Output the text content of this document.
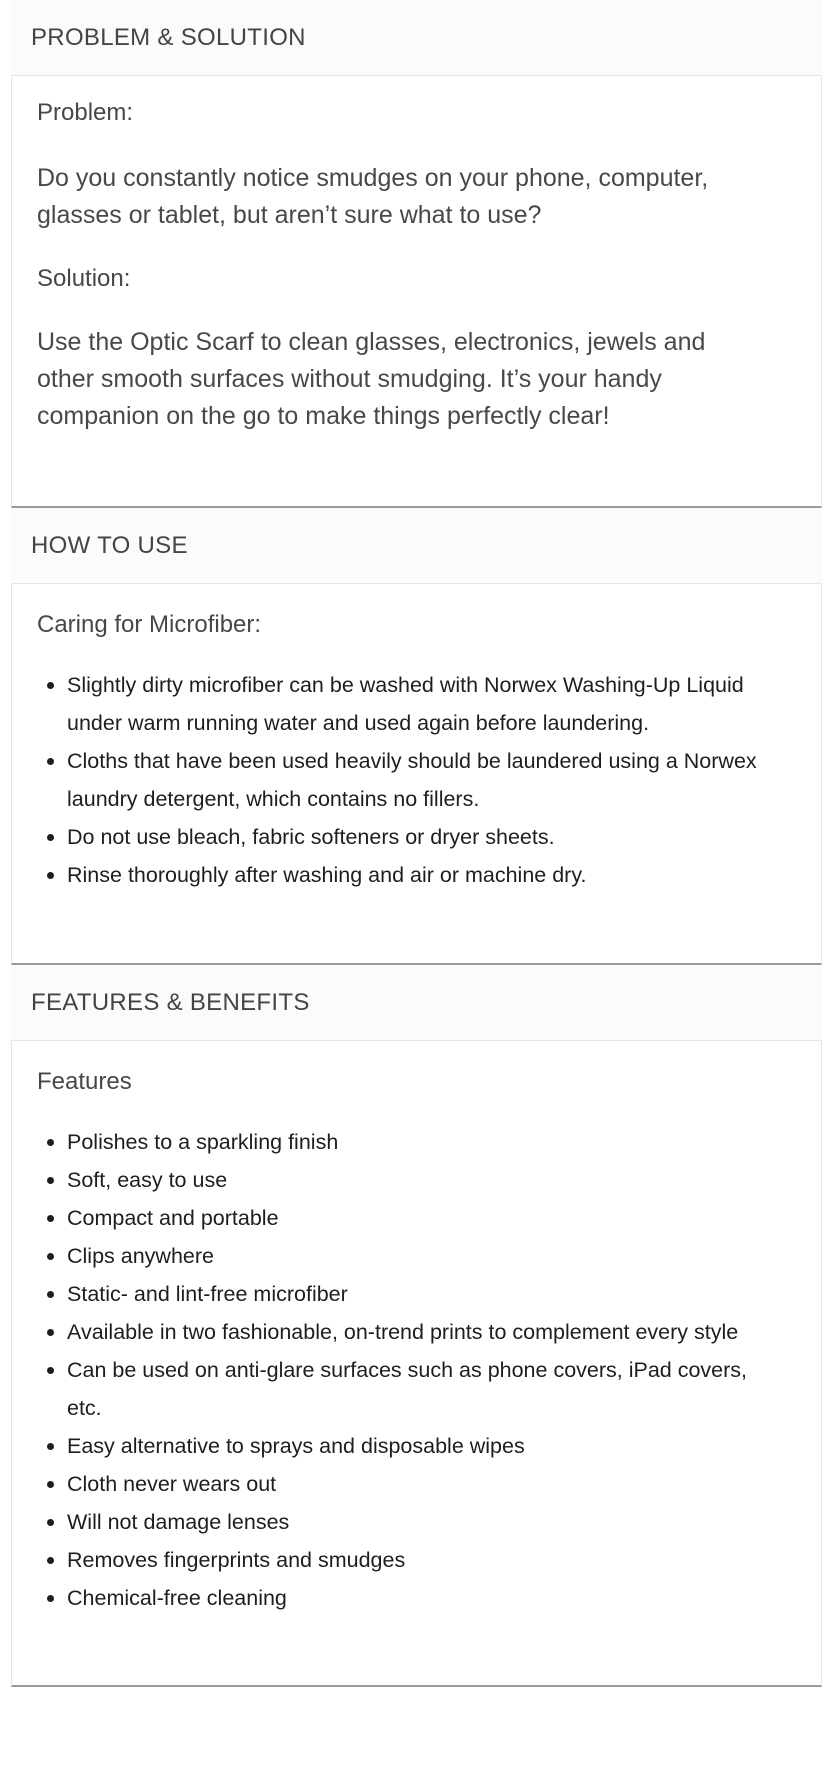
PROBLEM & SOLUTION

Problem:

Do you constantly notice smudges on your phone, computer, glasses or tablet, but aren’t sure what to use?

Solution:

Use the Optic Scarf to clean glasses, electronics, jewels and other smooth surfaces without smudging. It’s your handy companion on the go to make things perfectly clear!

HOW TO USE

Caring for Microfiber:

Slightly dirty microfiber can be washed with Norwex Washing-Up Liquid under warm running water and used again before laundering.
Cloths that have been used heavily should be laundered using a Norwex laundry detergent, which contains no fillers.
Do not use bleach, fabric softeners or dryer sheets.
Rinse thoroughly after washing and air or machine dry.
FEATURES & BENEFITS

Features

Polishes to a sparkling finish
Soft, easy to use
Compact and portable
Clips anywhere
Static- and lint-free microfiber
Available in two fashionable, on-trend prints to complement every style
Can be used on anti-glare surfaces such as phone covers, iPad covers, etc.
Easy alternative to sprays and disposable wipes
Cloth never wears out
Will not damage lenses
Removes fingerprints and smudges
Chemical-free cleaning
